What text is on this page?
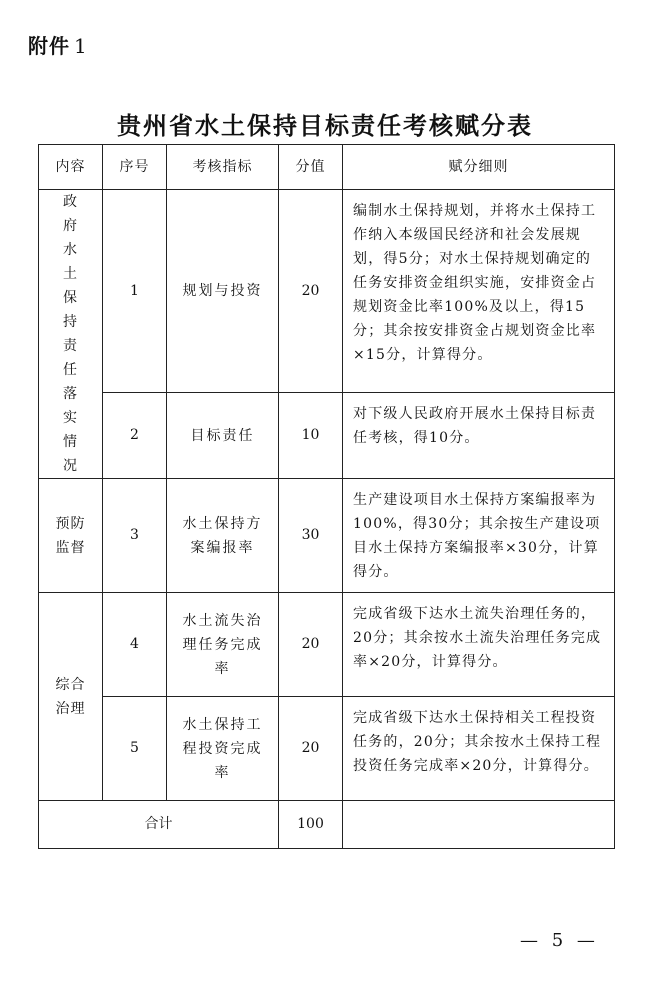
附件 1
贵州省水土保持目标责任考核赋分表
内容	序号	考核指标	分值	赋分细则

政府水土保持责任落实情况	1	规划与投资	20	编制水土保持规划，并将水土保持工作纳入本级国民经济和社会发展规划，得5分；对水土保持规划确定的任务安排资金组织实施，安排资金占规划资金比率100%及以上，得15分；其余按安排资金占规划资金比率×15分，计算得分。
	2	目标责任	10	对下级人民政府开展水土保持目标责任考核，得10分。

预防监督	3	水土保持方案编报率	30	生产建设项目水土保持方案编报率为100%，得30分；其余按生产建设项目水土保持方案编报率×30分，计算得分。

综合治理	4	水土流失治理任务完成率	20	完成省级下达水土流失治理任务的，20分；其余按水土流失治理任务完成率×20分，计算得分。
	5	水土保持工程投资完成率	20	完成省级下达水土保持相关工程投资任务的，20分；其余按水土保持工程投资任务完成率×20分，计算得分。
合计			100	
— 5 —
